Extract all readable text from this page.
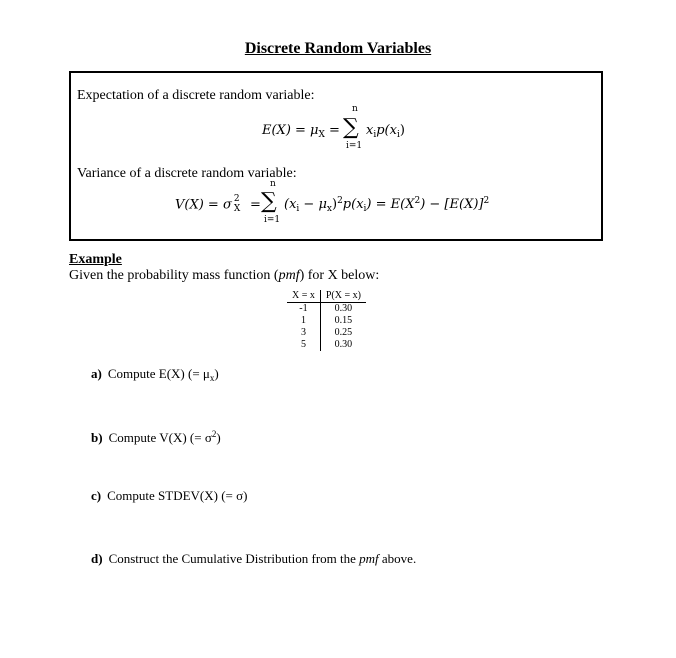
Discrete Random Variables
Expectation of a discrete random variable:
$E(X) = \mu_X$ =
n
∑
i=1
$x_ip(x_i)$
Variance of a discrete random variable:
V(X) = σ 2
X =
n
∑
i=1
$(x_i - \mu_x)^2p(x_i) = E(X^2) - [E(X)]^2$
Example
Given the probability mass function (pmf) for X below:
X = x	P(X = x)
-1	0.30
1	0.15
3	0.25
5	0.30
a) Compute E(X) (= $\mu_x$)
b) Compute V(X) (= $\sigma^2$)
c) Compute STDEV(X) (= σ)
d) Construct the Cumulative Distribution from the pmf above.
